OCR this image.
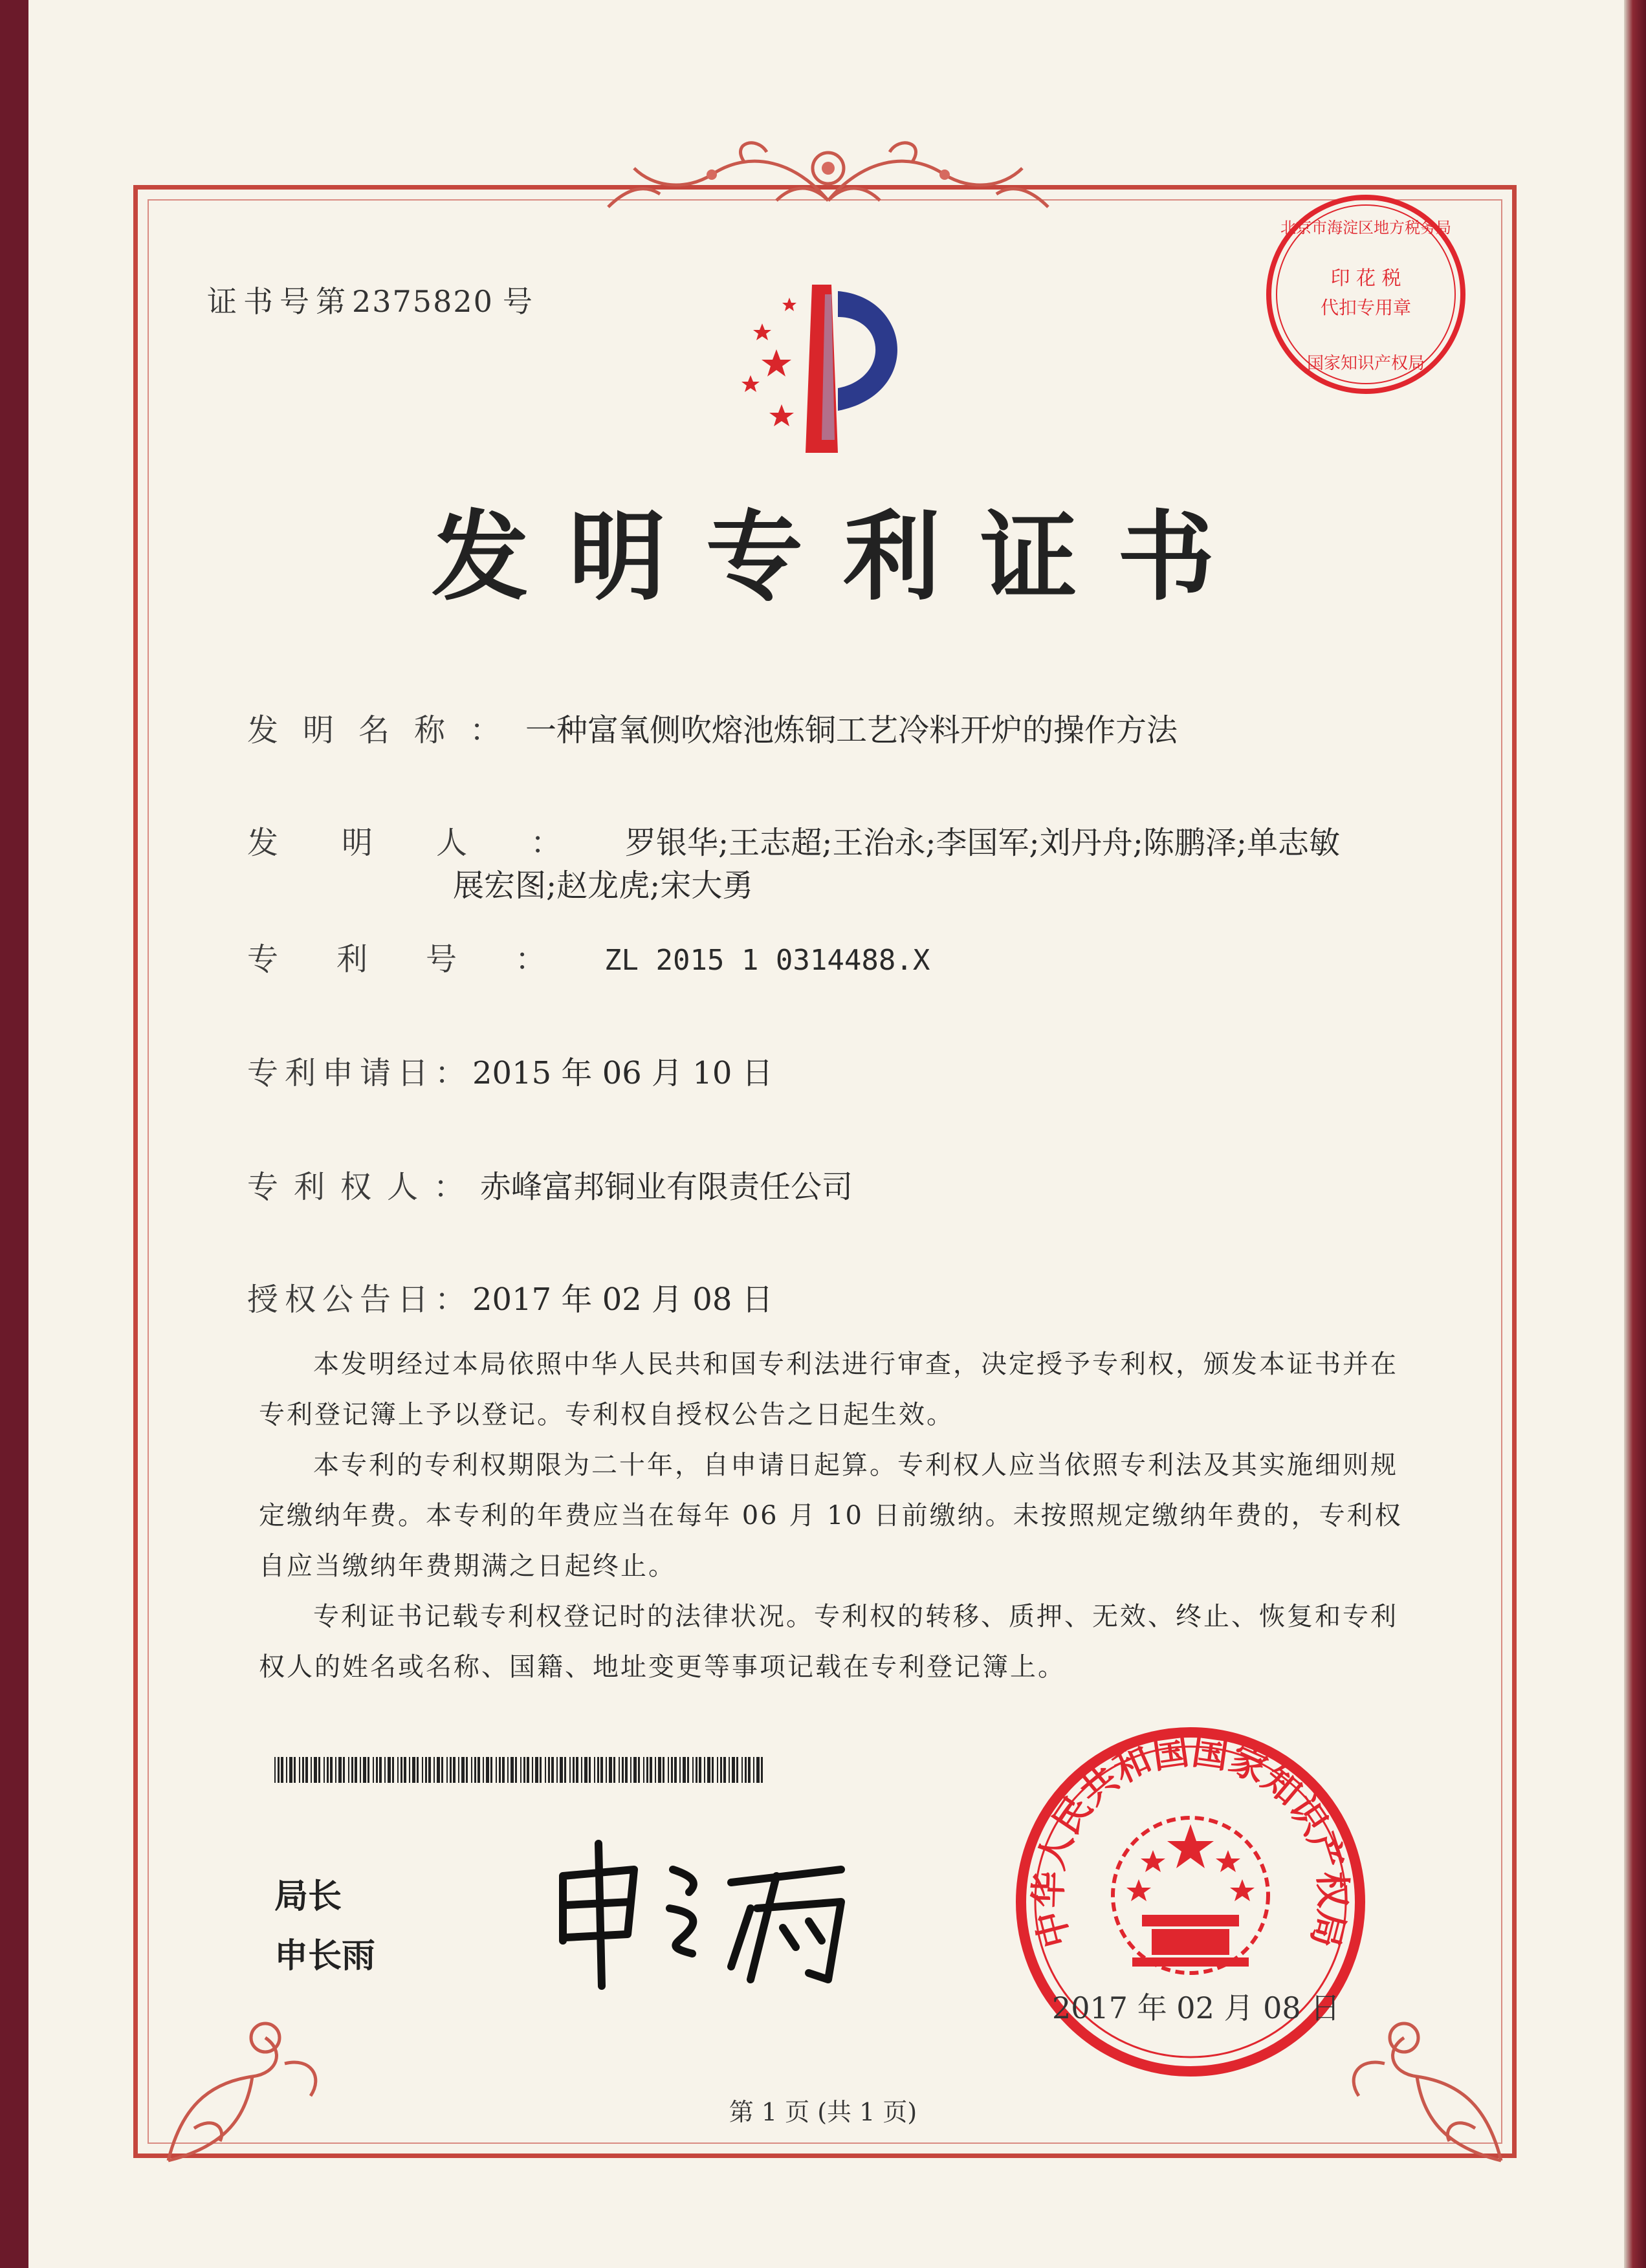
证书号第2375820 号
印 花 税
代扣专用章
北京市海淀区地方税务局
国家知识产权局
发明专利证书
发明名称：一种富氧侧吹熔池炼铜工艺冷料开炉的操作方法
发明人：罗银华;王志超;王治永;李国军;刘丹舟;陈鹏泽;单志敏
展宏图;赵龙虎;宋大勇
专利号：ZL 2015 1 0314488.X
专利申请日：2015 年 06 月 10 日
专利权人：赤峰富邦铜业有限责任公司
授权公告日：2017 年 02 月 08 日

本发明经过本局依照中华人民共和国专利法进行审查，决定授予专利权，颁发本证书并在专利登记簿上予以登记。专利权自授权公告之日起生效。

本专利的专利权期限为二十年，自申请日起算。专利权人应当依照专利法及其实施细则规定缴纳年费。本专利的年费应当在每年 06 月 10 日前缴纳。未按照规定缴纳年费的，专利权自应当缴纳年费期满之日起终止。

专利证书记载专利权登记时的法律状况。专利权的转移、质押、无效、终止、恢复和专利权人的姓名或名称、国籍、地址变更等事项记载在专利登记簿上。

局长
申长雨
中华人民共和国国家知识产权局
2017 年 02 月 08 日
第 1 页 (共 1 页)
